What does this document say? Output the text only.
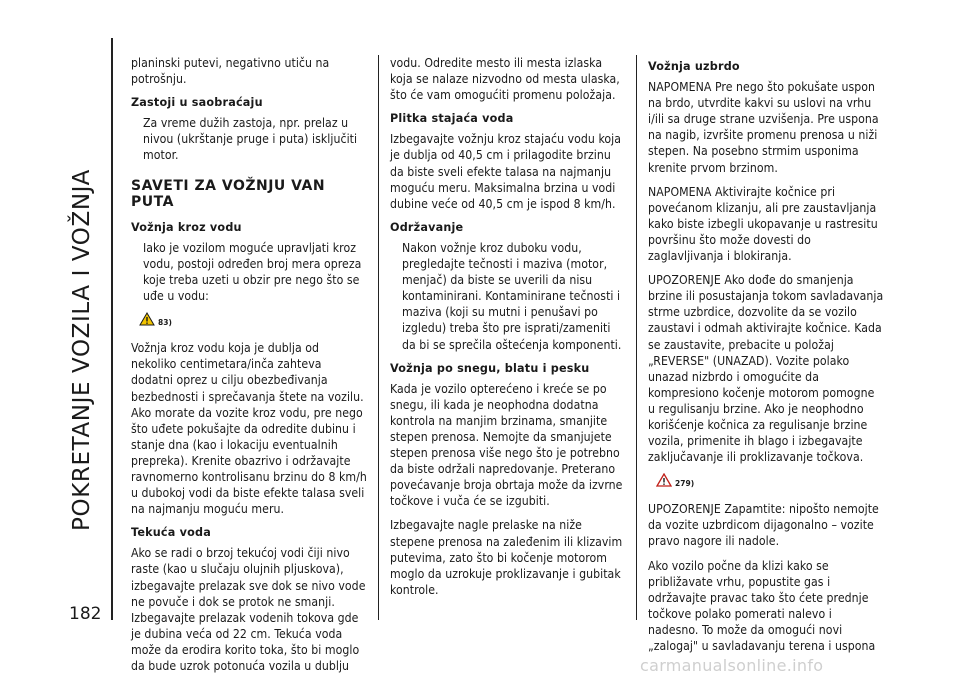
POKRETANJE VOZILA I VOŽNJA
182

planinski putevi, negativno utiču na potrošnju.

Zastoji u saobraćaju

Za vreme dužih zastoja, npr. prelaz u nivou (ukrštanje pruge i puta) isključiti motor.

SAVETI ZA VOŽNJU VAN PUTA
Vožnja kroz vodu

Iako je vozilom moguće upravljati kroz vodu, postoji određen broj mera opreza koje treba uzeti u obzir pre nego što se uđe u vodu:

83)

Vožnja kroz vodu koja je dublja od nekoliko centimetara/inča zahteva dodatni oprez u cilju obezbeđivanja bezbednosti i sprečavanja štete na vozilu. Ako morate da vozite kroz vodu, pre nego što uđete pokušajte da odredite dubinu i stanje dna (kao i lokaciju eventualnih prepreka). Krenite obazrivo i održavajte ravnomerno kontrolisanu brzinu do 8 km/h u dubokoj vodi da biste efekte talasa sveli na najmanju moguću meru.

Tekuća voda

Ako se radi o brzoj tekućoj vodi čiji nivo raste (kao u slučaju olujnih pljuskova), izbegavajte prelazak sve dok se nivo vode ne povuče i dok se protok ne smanji. Izbegavajte prelazak vodenih tokova gde je dubina veća od 22 cm. Tekuća voda može da erodira korito toka, što bi moglo da bude uzrok potonuća vozila u dublju

vodu. Odredite mesto ili mesta izlaska koja se nalaze nizvodno od mesta ulaska, što će vam omogućiti promenu položaja.

Plitka stajaća voda

Izbegavajte vožnju kroz stajaću vodu koja je dublja od 40,5 cm i prilagodite brzinu da biste sveli efekte talasa na najmanju moguću meru. Maksimalna brzina u vodi dubine veće od 40,5 cm je ispod 8 km/h.

Održavanje

Nakon vožnje kroz duboku vodu, pregledajte tečnosti i maziva (motor, menjač) da biste se uverili da nisu kontaminirani. Kontaminirane tečnosti i maziva (koji su mutni i penušavi po izgledu) treba što pre isprati/zameniti da bi se sprečila oštećenja komponenti.

Vožnja po snegu, blatu i pesku

Kada je vozilo opterećeno i kreće se po snegu, ili kada je neophodna dodatna kontrola na manjim brzinama, smanjite stepen prenosa. Nemojte da smanjujete stepen prenosa više nego što je potrebno da biste održali napredovanje. Preterano povećavanje broja obrtaja može da izvrne točkove i vuča će se izgubiti.

Izbegavajte nagle prelaske na niže stepene prenosa na zaleđenim ili klizavim putevima, zato što bi kočenje motorom moglo da uzrokuje proklizavanje i gubitak kontrole.

Vožnja uzbrdo

NAPOMENA Pre nego što pokušate uspon na brdo, utvrdite kakvi su uslovi na vrhu i/ili sa druge strane uzvišenja. Pre uspona na nagib, izvršite promenu prenosa u niži stepen. Na posebno strmim usponima krenite prvom brzinom.

NAPOMENA Aktivirajte kočnice pri povećanom klizanju, ali pre zaustavljanja kako biste izbegli ukopavanje u rastresitu površinu što može dovesti do zaglavljivanja i blokiranja.

UPOZORENJE Ako dođe do smanjenja brzine ili posustajanja tokom savladavanja strme uzbrdice, dozvolite da se vozilo zaustavi i odmah aktivirajte kočnice. Kada se zaustavite, prebacite u položaj „REVERSE" (UNAZAD). Vozite polako unazad nizbrdo i omogućite da kompresiono kočenje motorom pomogne u regulisanju brzine. Ako je neophodno korišćenje kočnica za regulisanje brzine vozila, primenite ih blago i izbegavajte zaključavanje ili proklizavanje točkova.

279)

UPOZORENJE Zapamtite: nipošto nemojte da vozite uzbrdicom dijagonalno – vozite pravo nagore ili nadole.

Ako vozilo počne da klizi kako se približavate vrhu, popustite gas i održavajte pravac tako što ćete prednje točkove polako pomerati nalevo i nadesno. To može da omogući novi „zalogaj" u savladavanju terena i uspona

carmanualsonline.info
